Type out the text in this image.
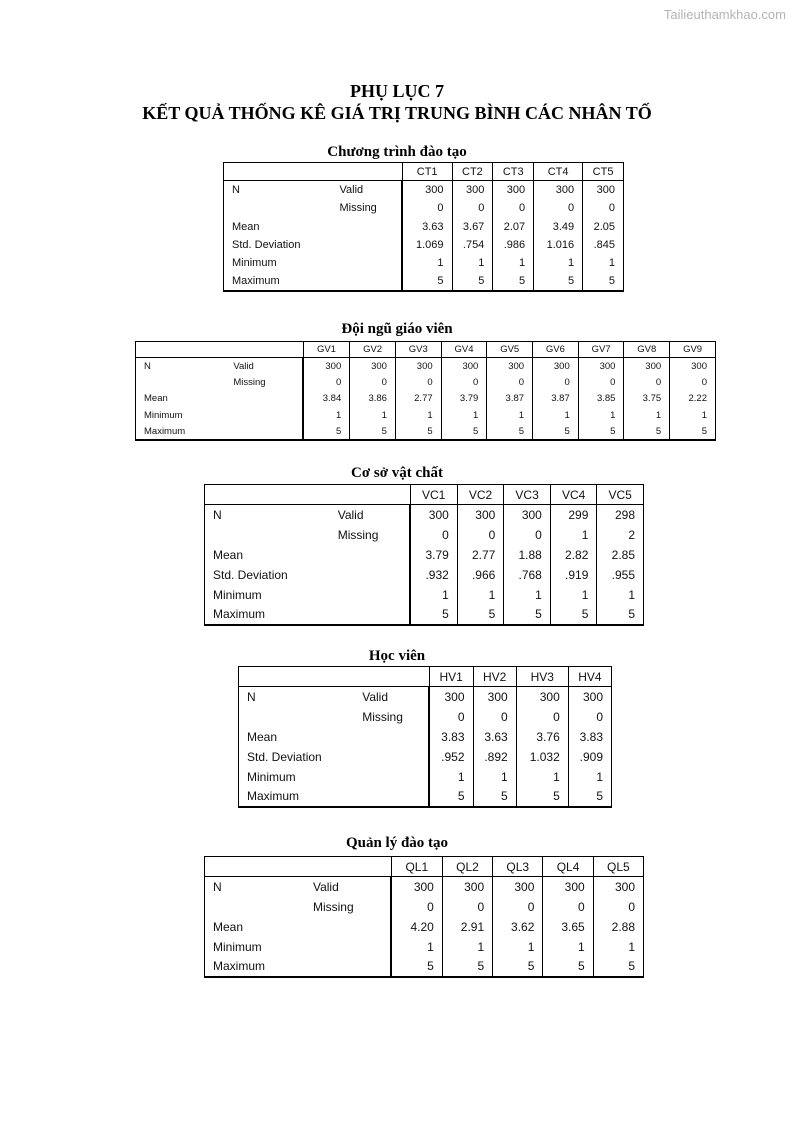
Tailieuthamkhao.com
PHỤ LỤC 7
KẾT QUẢ THỐNG KÊ GIÁ TRỊ TRUNG BÌNH CÁC NHÂN TỐ
Chương trình đào tạo
		CT1	CT2	CT3	CT4	CT5
N	Valid	300	300	300	300	300
	Missing	0	0	0	0	0
Mean		3.63	3.67	2.07	3.49	2.05
Std. Deviation		1.069	.754	.986	1.016	.845
Minimum		1	1	1	1	1
Maximum		5	5	5	5	5
Đội ngũ giáo viên
		GV1	GV2	GV3	GV4	GV5	GV6	GV7	GV8	GV9
N	Valid	300	300	300	300	300	300	300	300	300
	Missing	0	0	0	0	0	0	0	0	0
Mean		3.84	3.86	2.77	3.79	3.87	3.87	3.85	3.75	2.22
Minimum		1	1	1	1	1	1	1	1	1
Maximum		5	5	5	5	5	5	5	5	5
Cơ sở vật chất
		VC1	VC2	VC3	VC4	VC5
N	Valid	300	300	300	299	298
	Missing	0	0	0	1	2
Mean		3.79	2.77	1.88	2.82	2.85
Std. Deviation		.932	.966	.768	.919	.955
Minimum		1	1	1	1	1
Maximum		5	5	5	5	5
Học viên
		HV1	HV2	HV3	HV4
N	Valid	300	300	300	300
	Missing	0	0	0	0
Mean		3.83	3.63	3.76	3.83
Std. Deviation		.952	.892	1.032	.909
Minimum		1	1	1	1
Maximum		5	5	5	5
Quản lý đào tạo
		QL1	QL2	QL3	QL4	QL5
N	Valid	300	300	300	300	300
	Missing	0	0	0	0	0
Mean		4.20	2.91	3.62	3.65	2.88
Minimum		1	1	1	1	1
Maximum		5	5	5	5	5
